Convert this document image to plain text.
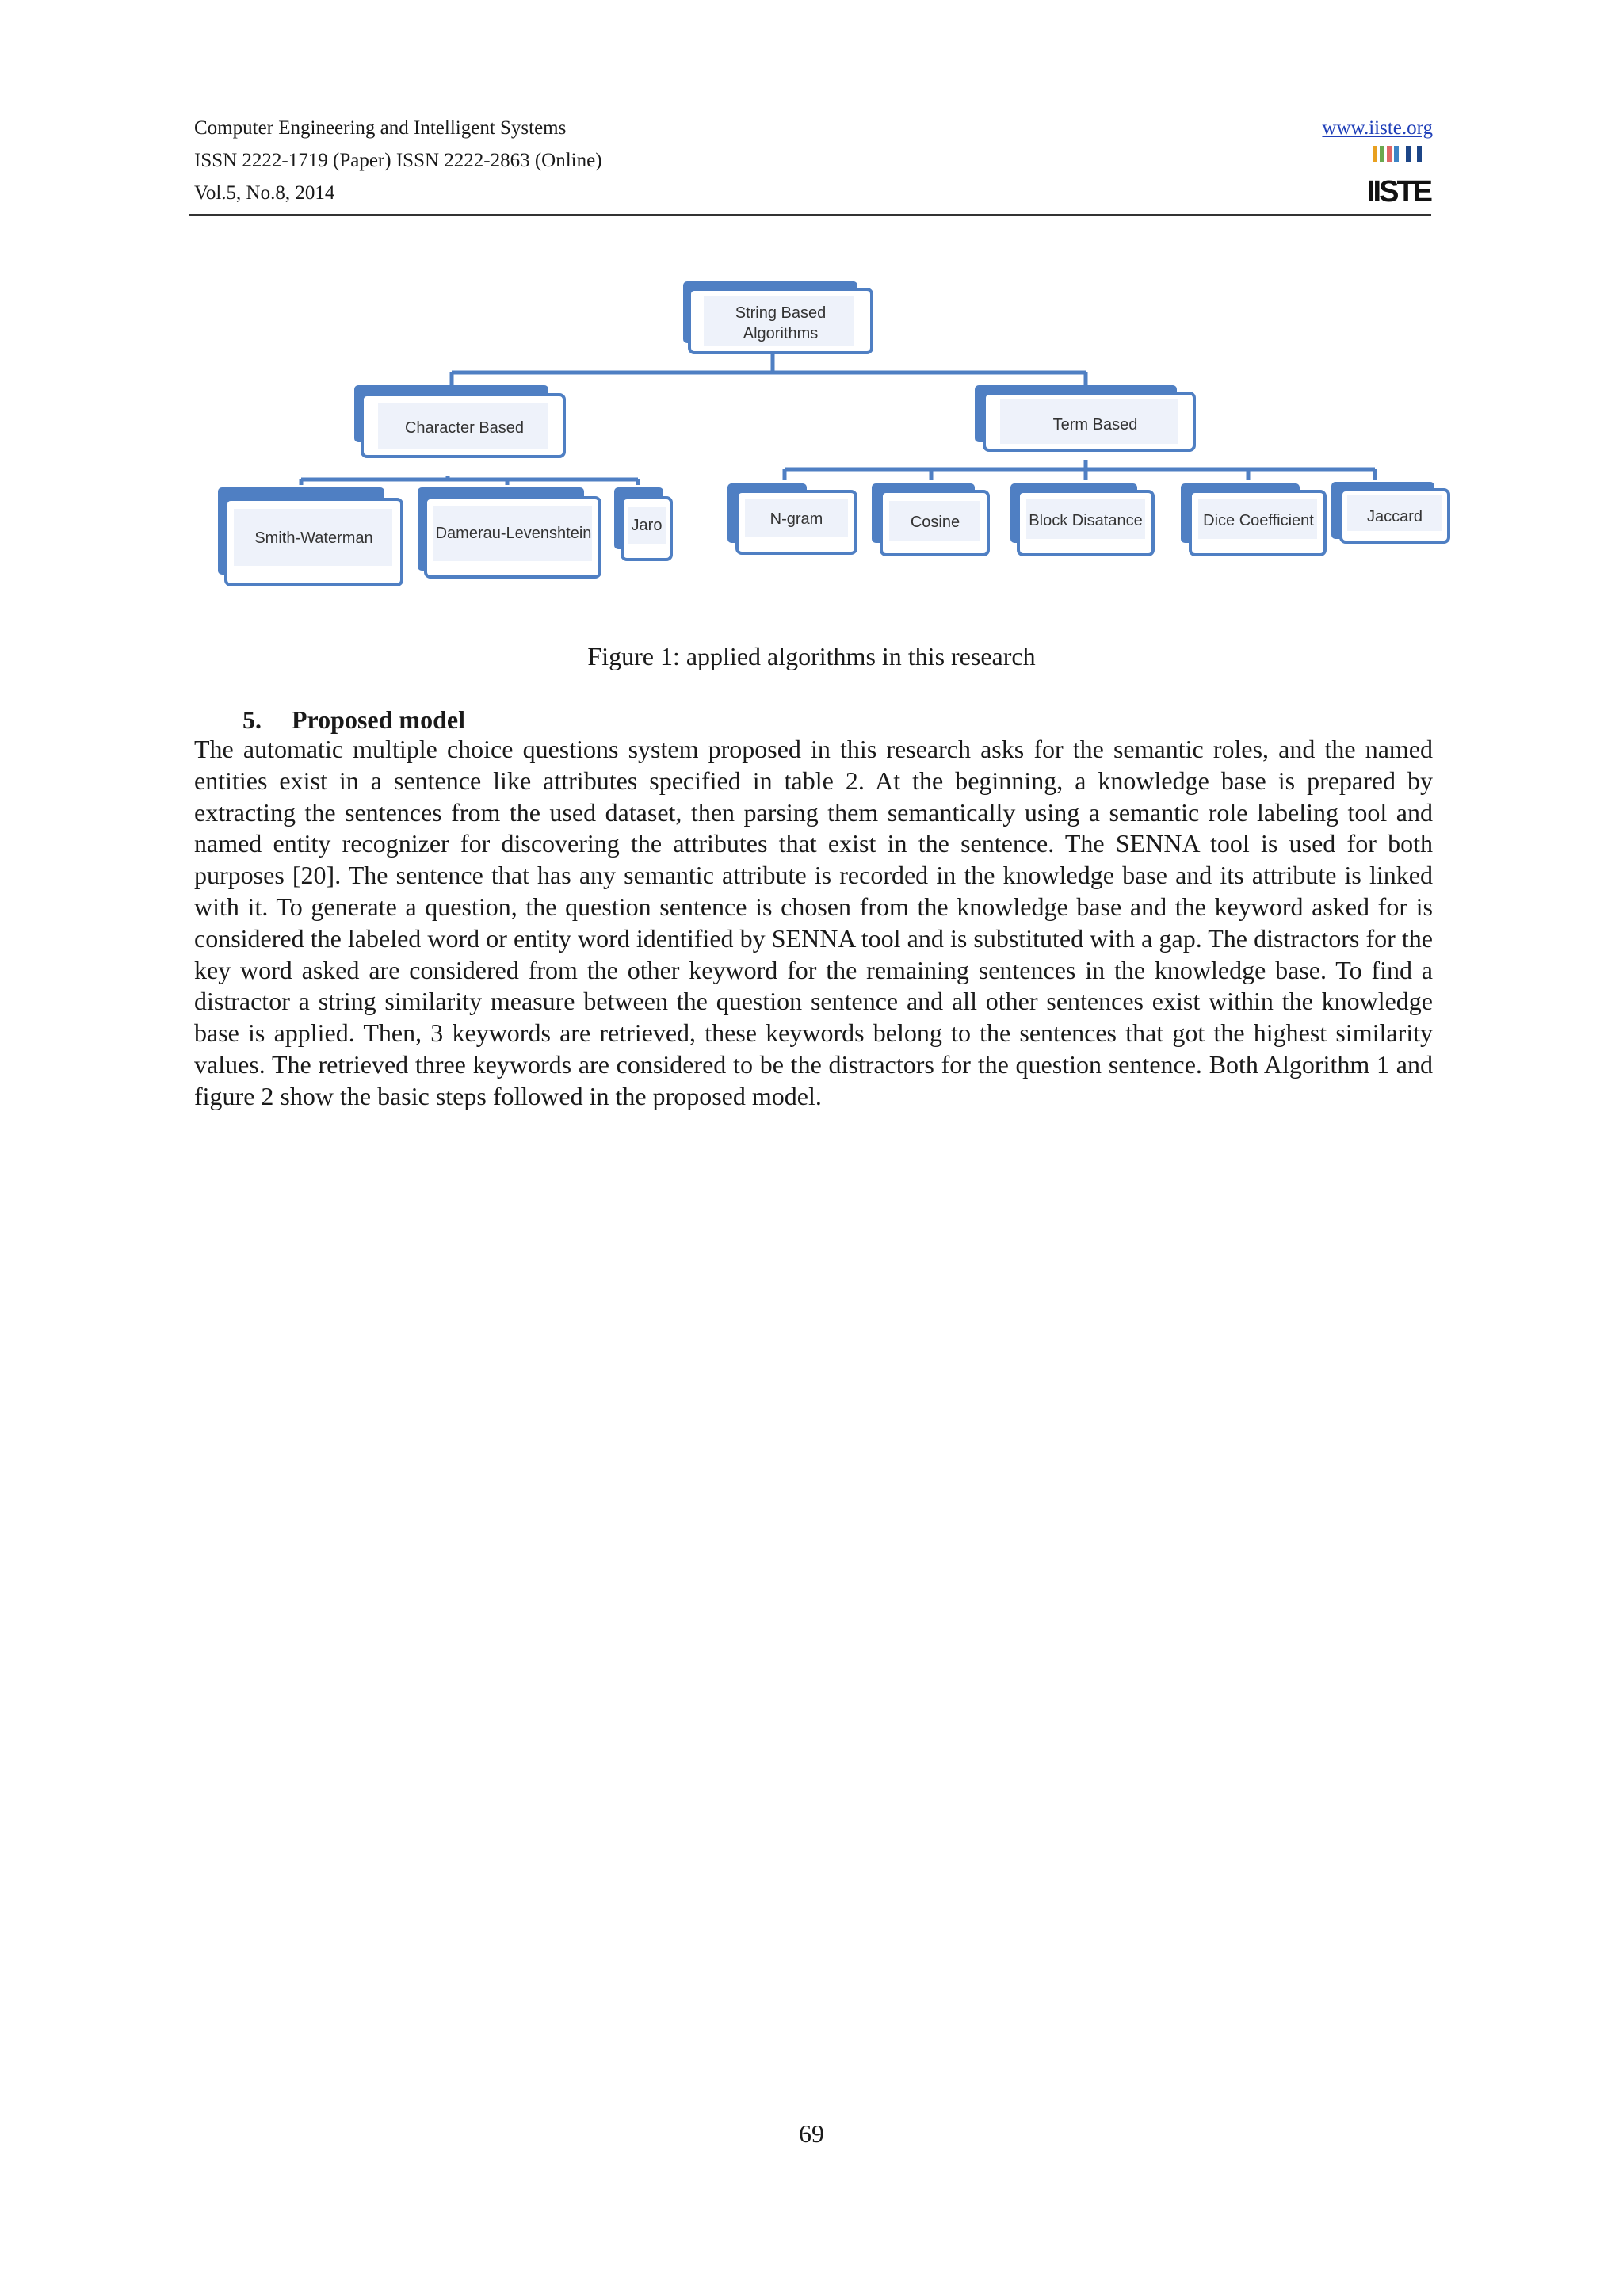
Computer Engineering and Intelligent Systems
ISSN 2222-1719 (Paper) ISSN 2222-2863 (Online)
Vol.5, No.8, 2014
www.iiste.org
IISTE
String Based
Algorithms
Character Based	Term Based
Smith-Waterman	Damerau-Levenshtein	Jaro	N-gram	Cosine	Block Disatance	Dice Coefficient	Jaccard
Figure 1: applied algorithms in this research
5. Proposed model
The automatic multiple choice questions system proposed in this research asks for the semantic roles, and the named entities exist in a sentence like attributes specified in table 2. At the beginning, a knowledge base is prepared by extracting the sentences from the used dataset, then parsing them semantically using a semantic role labeling tool and named entity recognizer for discovering the attributes that exist in the sentence. The SENNA tool is used for both purposes [20]. The sentence that has any semantic attribute is recorded in the knowledge base and its attribute is linked with it. To generate a question, the question sentence is chosen from the knowledge base and the keyword asked for is considered the labeled word or entity word identified by SENNA tool and is substituted with a gap. The distractors for the key word asked are considered from the other keyword for the remaining sentences in the knowledge base. To find a distractor a string similarity measure between the question sentence and all other sentences exist within the knowledge base is applied. Then, 3 keywords are retrieved, these keywords belong to the sentences that got the highest similarity values. The retrieved three keywords are considered to be the distractors for the question sentence. Both Algorithm 1 and figure 2 show the basic steps followed in the proposed model.
69
